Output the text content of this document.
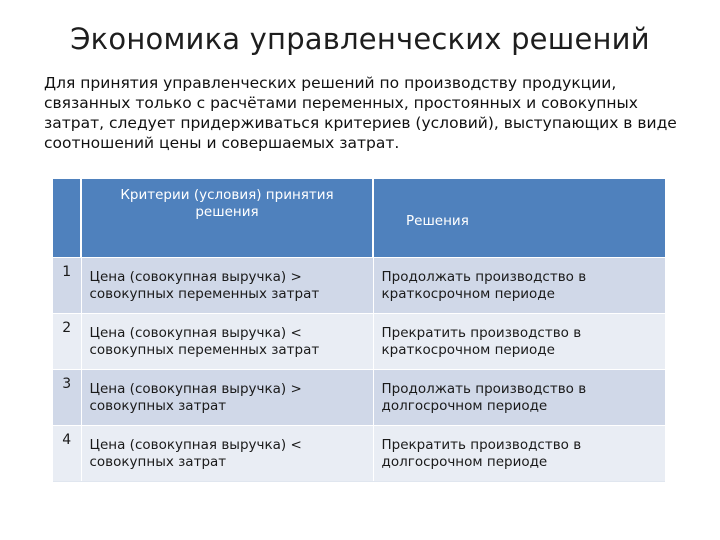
Экономика управленческих решений
Для принятия управленческих решений по производству продукции, связанных только с расчётами переменных, простоянных и совокупных затрат, следует придерживаться критериев (условий), выступающих в виде соотношений цены и совершаемых затрат.
	Критерии (условия) принятия решения	Решения
1	Цена (совокупная выручка) > совокупных переменных затрат	Продолжать производство в краткосрочном периоде
2	Цена (совокупная выручка) < совокупных переменных затрат	Прекратить производство в краткосрочном периоде
3	Цена (совокупная выручка) > совокупных затрат	Продолжать производство в долгосрочном периоде
4	Цена (совокупная выручка) < совокупных затрат	Прекратить производство в долгосрочном периоде
